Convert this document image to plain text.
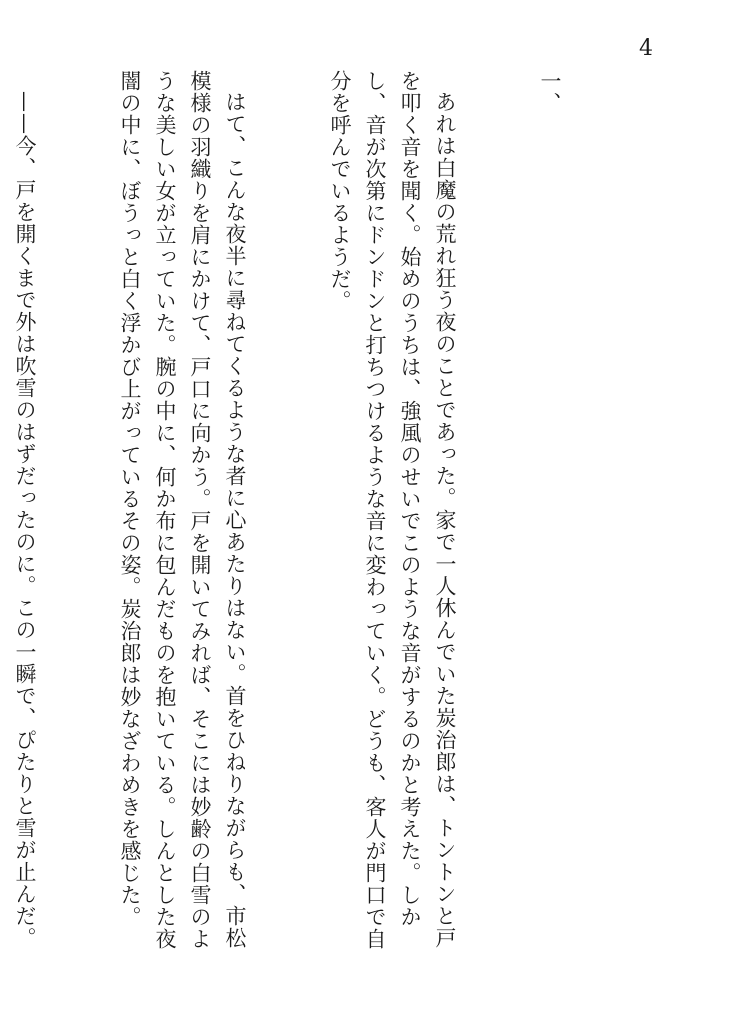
4

一、

あれは白魔の荒れ狂う夜のことであった。家で一人休んでいた炭治郎は、トントンと戸を叩く音を聞く。始めのうちは、強風のせいでこのような音がするのかと考えた。しかし、音が次第にドンドンと打ちつけるような音に変わっていく。どうも、客人が門口で自分を呼んでいるようだ。

はて、こんな夜半に尋ねてくるような者に心あたりはない。首をひねりながらも、市松模様の羽織りを肩にかけて、戸口に向かう。戸を開いてみれば、そこには妙齢の白雪のような美しい女が立っていた。腕の中に、何か布に包んだものを抱いている。しんとした夜闇の中に、ぼうっと白く浮かび上がっているその姿。炭治郎は妙なざわめきを感じた。

——今、戸を開くまで外は吹雪のはずだったのに。この一瞬で、ぴたりと雪が止んだ。
